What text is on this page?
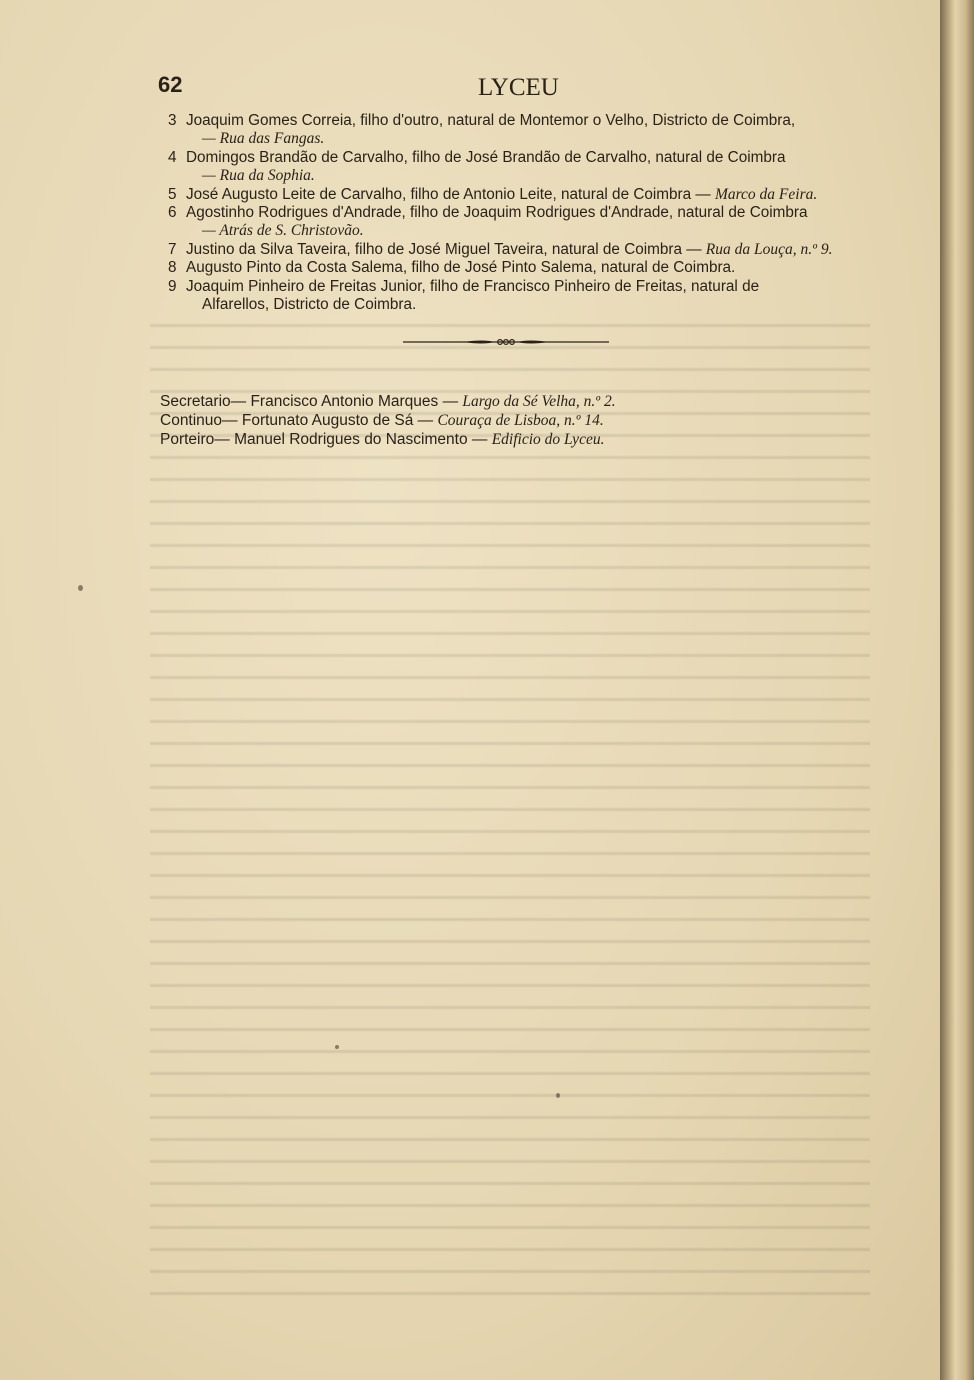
62	LYCEU
3 Joaquim Gomes Correia, filho d'outro, natural de Montemor o Velho, Districto de Coimbra,
— Rua das Fangas.
4 Domingos Brandão de Carvalho, filho de José Brandão de Carvalho, natural de Coimbra
— Rua da Sophia.
5 José Augusto Leite de Carvalho, filho de Antonio Leite, natural de Coimbra — Marco da Feira.
6 Agostinho Rodrigues d'Andrade, filho de Joaquim Rodrigues d'Andrade, natural de Coimbra
— Atrás de S. Christovão.
7 Justino da Silva Taveira, filho de José Miguel Taveira, natural de Coimbra — Rua da Louça, n.º 9.
8 Augusto Pinto da Costa Salema, filho de José Pinto Salema, natural de Coimbra.
9 Joaquim Pinheiro de Freitas Junior, filho de Francisco Pinheiro de Freitas, natural de
Alfarellos, Districto de Coimbra.
Secretario— Francisco Antonio Marques — Largo da Sé Velha, n.º 2.
Continuo— Fortunato Augusto de Sá — Couraça de Lisboa, n.º 14.
Porteiro— Manuel Rodrigues do Nascimento — Edificio do Lyceu.
